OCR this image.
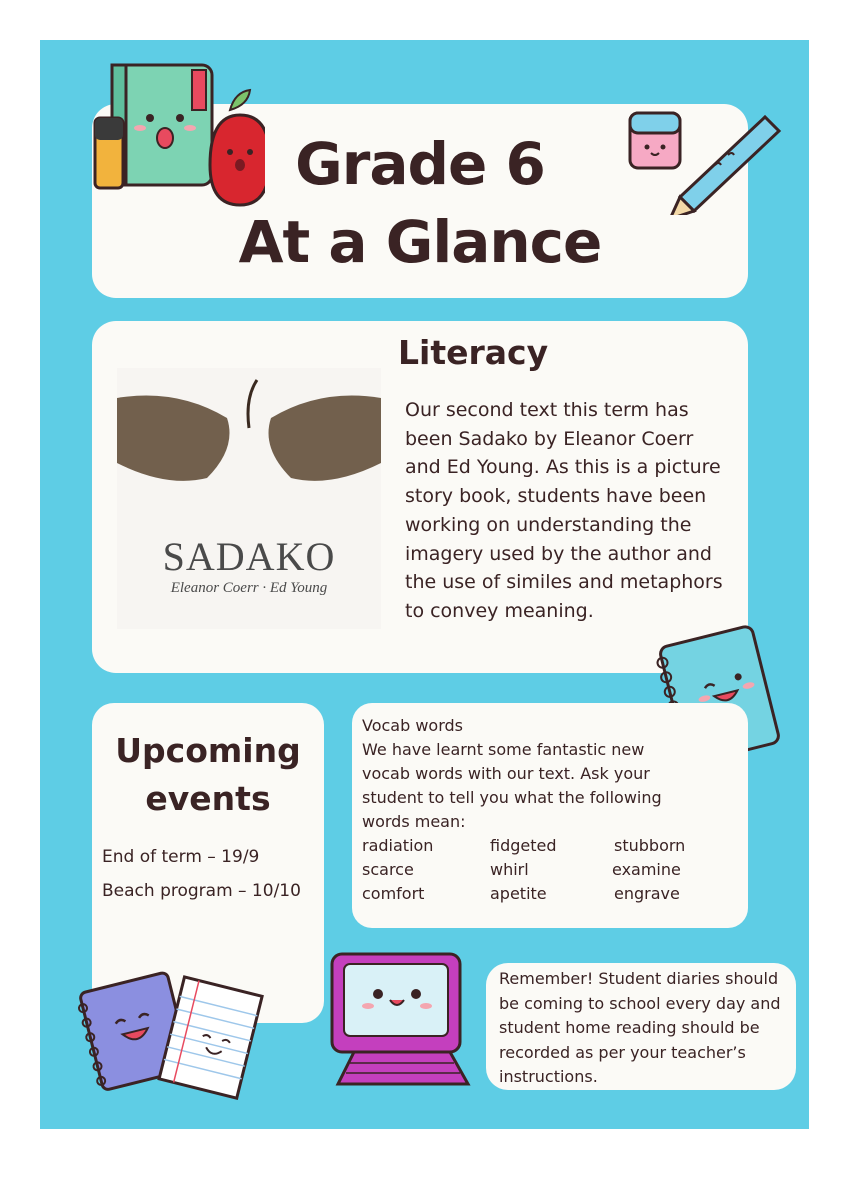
Grade 6
At a Glance
SADAKO
Eleanor Coerr · Ed Young
Literacy
Our second text this term has been Sadako by Eleanor Coerr and Ed Young. As this is a picture story book, students have been working on understanding the imagery used by the author and the use of similes and metaphors to convey meaning.
Upcoming
events
End of term – 19/9
Beach program – 10/10
Vocab words
We have learnt some fantastic new
vocab words with our text. Ask your
student to tell you what the following
words mean:
radiation	fidgeted	stubborn
scarce	whirl	examine
comfort	apetite	engrave
Remember! Student diaries should be coming to school every day and student home reading should be recorded as per your teacher’s instructions.
